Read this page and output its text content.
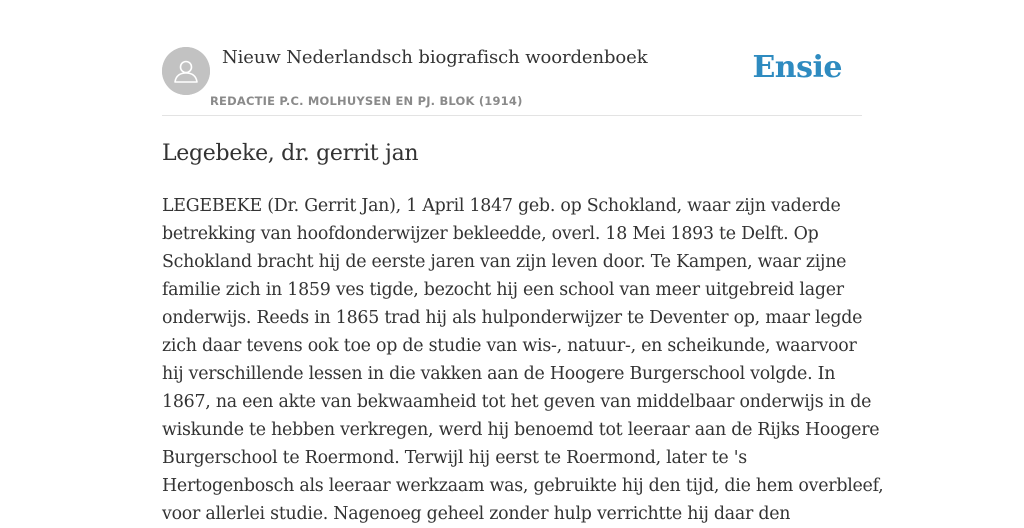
Nieuw Nederlandsch biografisch woordenboek
REDACTIE P.C. MOLHUYSEN EN PJ. BLOK (1914)
Ensie
Legebeke, dr. gerrit jan
LEGEBEKE (Dr. Gerrit Jan), 1 April 1847 geb. op Schokland, waar zijn vaderde
betrekking van hoofdonderwijzer bekleedde, overl. 18 Mei 1893 te Delft. Op
Schokland bracht hij de eerste jaren van zijn leven door. Te Kampen, waar zijne
familie zich in 1859 ves tigde, bezocht hij een school van meer uitgebreid lager
onderwijs. Reeds in 1865 trad hij als hulponderwijzer te Deventer op, maar legde
zich daar tevens ook toe op de studie van wis-, natuur-, en scheikunde, waarvoor
hij verschillende lessen in die vakken aan de Hoogere Burgerschool volgde. In
1867, na een akte van bekwaamheid tot het geven van middelbaar onderwijs in de
wiskunde te hebben verkregen, werd hij benoemd tot leeraar aan de Rijks Hoogere
Burgerschool te Roermond. Terwijl hij eerst te Roermond, later te 's
Hertogenbosch als leeraar werkzaam was, gebruikte hij den tijd, die hem overbleef,
voor allerlei studie. Nagenoeg geheel zonder hulp verrichtte hij daar den
